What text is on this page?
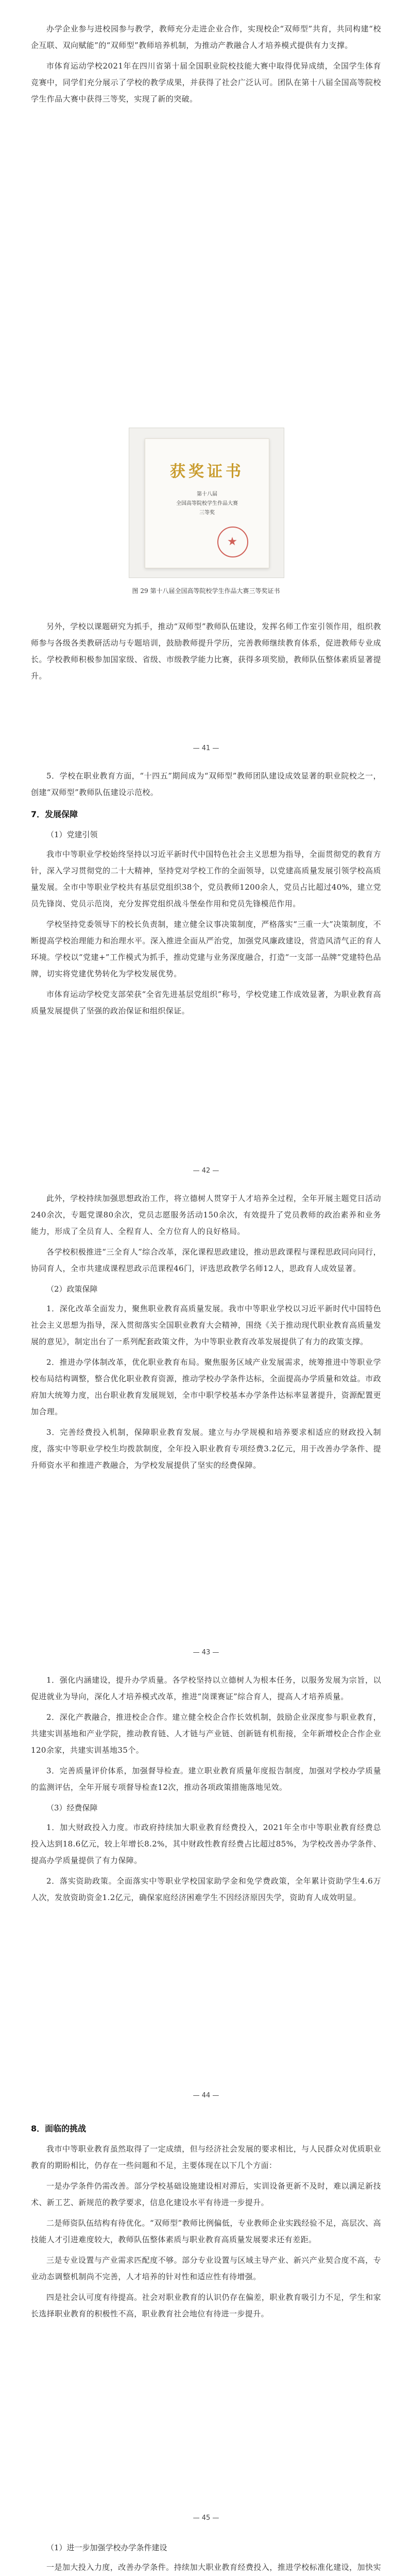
办学企业参与进校园参与教学，教师充分走进企业合作，实现校企“双师型”共育，共同构建“校企互联、双向赋能”的“双师型”教师培养机制，为推动产教融合人才培养模式提供有力支撑。

市体育运动学校2021年在四川省第十届全国职业院校技能大赛中取得优异成绩，全国学生体育竞赛中，同学们充分展示了学校的教学成果，并获得了社会广泛认可。团队在第十八届全国高等院校学生作品大赛中获得三等奖，实现了新的突破。

另外，学校以课题研究为抓手，推动“双师型”教师队伍建设，发挥名师工作室引领作用，组织教师参与各级各类教研活动与专题培训，鼓励教师提升学历，完善教师继续教育体系，促进教师专业成长。学校教师积极参加国家级、省级、市级教学能力比赛，获得多项奖励，教师队伍整体素质显著提升。

获奖证书
第十八届
全国高等院校学生作品大赛
三等奖
图 29 第十八届全国高等院校学生作品大赛三等奖证书
— 41 —

5．学校在职业教育方面，“十四五”期间成为“双师型”教师团队建设成效显著的职业院校之一，创建“双师型”教师队伍建设示范校。

7．发展保障
（1）党建引领

我市中等职业学校始终坚持以习近平新时代中国特色社会主义思想为指导，全面贯彻党的教育方针，深入学习贯彻党的二十大精神，坚持党对学校工作的全面领导，以党建高质量发展引领学校高质量发展。全市中等职业学校共有基层党组织38个，党员教师1200余人，党员占比超过40%，建立党员先锋岗、党员示范岗，充分发挥党组织战斗堡垒作用和党员先锋模范作用。

学校坚持党委领导下的校长负责制，建立健全议事决策制度，严格落实“三重一大”决策制度，不断提高学校治理能力和治理水平。深入推进全面从严治党，加强党风廉政建设，营造风清气正的育人环境。学校以“党建+”工作模式为抓手，推动党建与业务深度融合，打造“一支部一品牌”党建特色品牌，切实将党建优势转化为学校发展优势。

市体育运动学校党支部荣获“全省先进基层党组织”称号，学校党建工作成效显著，为职业教育高质量发展提供了坚强的政治保证和组织保证。

— 42 —

此外，学校持续加强思想政治工作，将立德树人贯穿于人才培养全过程，全年开展主题党日活动240余次，专题党课80余次，党员志愿服务活动150余次，有效提升了党员教师的政治素养和业务能力，形成了全员育人、全程育人、全方位育人的良好格局。

各学校积极推进“三全育人”综合改革，深化课程思政建设，推动思政课程与课程思政同向同行，协同育人，全市共建成课程思政示范课程46门，评选思政教学名师12人，思政育人成效显著。

（2）政策保障

1．深化改革全面发力，聚焦职业教育高质量发展。我市中等职业学校以习近平新时代中国特色社会主义思想为指导，深入贯彻落实全国职业教育大会精神，围绕《关于推动现代职业教育高质量发展的意见》，制定出台了一系列配套政策文件，为中等职业教育改革发展提供了有力的政策支撑。

2．推进办学体制改革，优化职业教育布局。聚焦服务区域产业发展需求，统筹推进中等职业学校布局结构调整，整合优化职业教育资源，推动学校办学条件达标，全面提高办学质量和效益。市政府加大统筹力度，出台职业教育发展规划，全市中职学校基本办学条件达标率显著提升，资源配置更加合理。

3．完善经费投入机制，保障职业教育发展。建立与办学规模和培养要求相适应的财政投入制度，落实中等职业学校生均拨款制度，全年投入职业教育专项经费3.2亿元，用于改善办学条件、提升师资水平和推进产教融合，为学校发展提供了坚实的经费保障。

— 43 —

1．强化内涵建设，提升办学质量。各学校坚持以立德树人为根本任务，以服务发展为宗旨，以促进就业为导向，深化人才培养模式改革，推进“岗课赛证”综合育人，提高人才培养质量。

2．深化产教融合，推进校企合作。建立健全校企合作长效机制，鼓励企业深度参与职业教育，共建实训基地和产业学院，推动教育链、人才链与产业链、创新链有机衔接，全年新增校企合作企业120余家，共建实训基地35个。

3．完善质量评价体系，加强督导检查。建立职业教育质量年度报告制度，加强对学校办学质量的监测评估，全年开展专项督导检查12次，推动各项政策措施落地见效。

（3）经费保障

1．加大财政投入力度。市政府持续加大职业教育经费投入，2021年全市中等职业教育经费总投入达到18.6亿元，较上年增长8.2%，其中财政性教育经费占比超过85%，为学校改善办学条件、提高办学质量提供了有力保障。

2．落实资助政策。全面落实中等职业学校国家助学金和免学费政策，全年累计资助学生4.6万人次，发放资助资金1.2亿元，确保家庭经济困难学生不因经济原因失学，资助育人成效明显。

— 44 —
8．面临的挑战

我市中等职业教育虽然取得了一定成绩，但与经济社会发展的要求相比，与人民群众对优质职业教育的期盼相比，仍存在一些问题和不足，主要体现在以下几个方面：

一是办学条件仍需改善。部分学校基础设施建设相对滞后，实训设备更新不及时，难以满足新技术、新工艺、新规范的教学要求，信息化建设水平有待进一步提升。

二是师资队伍结构有待优化。“双师型”教师比例偏低，专业教师企业实践经验不足，高层次、高技能人才引进难度较大，教师队伍整体素质与职业教育高质量发展要求还有差距。

三是专业设置与产业需求匹配度不够。部分专业设置与区域主导产业、新兴产业契合度不高，专业动态调整机制尚不完善，人才培养的针对性和适应性有待增强。

四是社会认可度有待提高。社会对职业教育的认识仍存在偏差，职业教育吸引力不足，学生和家长选择职业教育的积极性不高，职业教育社会地位有待进一步提升。

— 45 —
（1）进一步加强学校办学条件建设

一是加大投入力度，改善办学条件。持续加大职业教育经费投入，推进学校标准化建设，加快实
